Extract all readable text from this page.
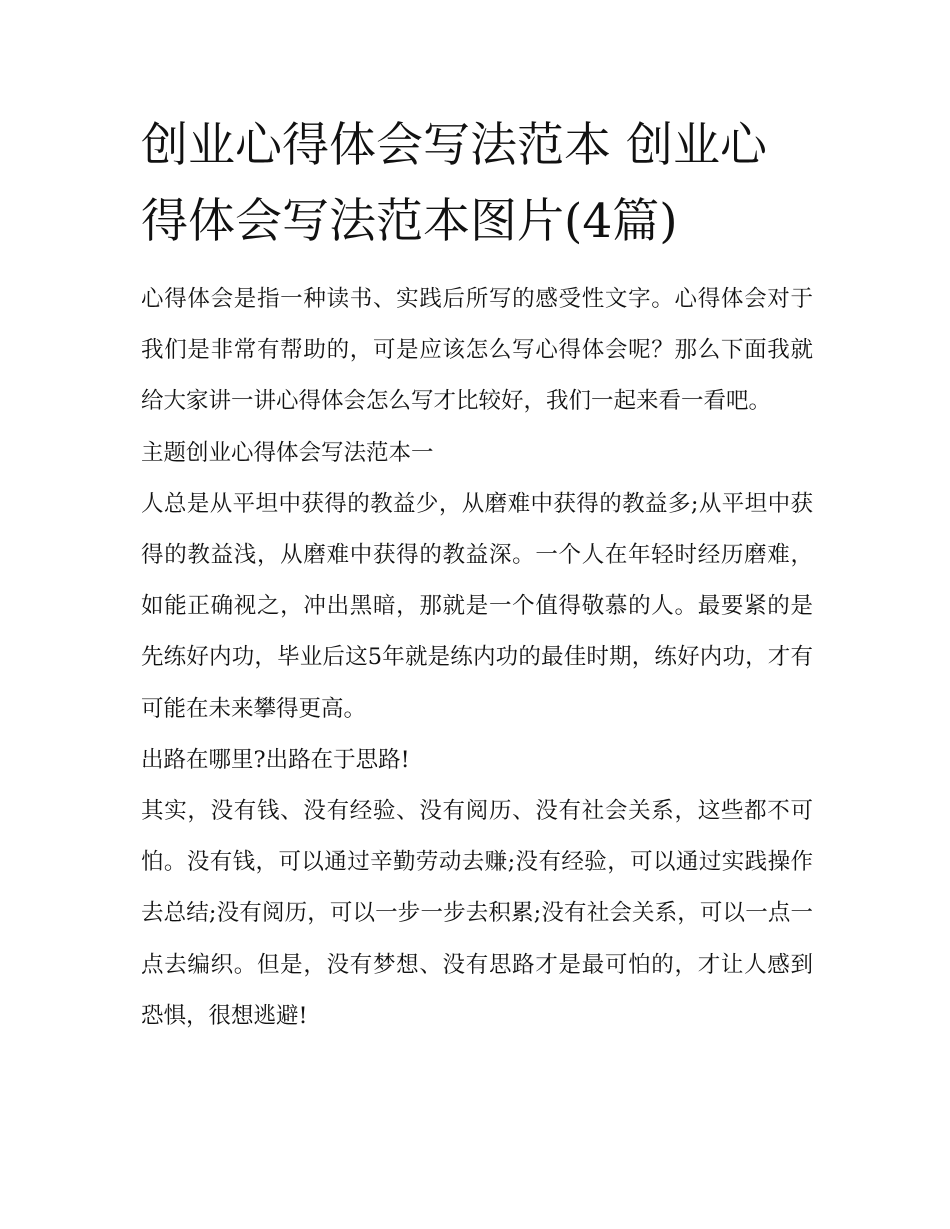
创业心得体会写法范本 创业心得体会写法范本图片(4篇)

心得体会是指一种读书、实践后所写的感受性文字。心得体会对于我们是非常有帮助的，可是应该怎么写心得体会呢？那么下面我就给大家讲一讲心得体会怎么写才比较好，我们一起来看一看吧。

主题创业心得体会写法范本一

人总是从平坦中获得的教益少，从磨难中获得的教益多;从平坦中获得的教益浅，从磨难中获得的教益深。一个人在年轻时经历磨难，如能正确视之，冲出黑暗，那就是一个值得敬慕的人。最要紧的是先练好内功，毕业后这5年就是练内功的最佳时期，练好内功，才有可能在未来攀得更高。

出路在哪里?出路在于思路!

其实，没有钱、没有经验、没有阅历、没有社会关系，这些都不可怕。没有钱，可以通过辛勤劳动去赚;没有经验，可以通过实践操作去总结;没有阅历，可以一步一步去积累;没有社会关系，可以一点一点去编织。但是，没有梦想、没有思路才是最可怕的，才让人感到恐惧，很想逃避!
